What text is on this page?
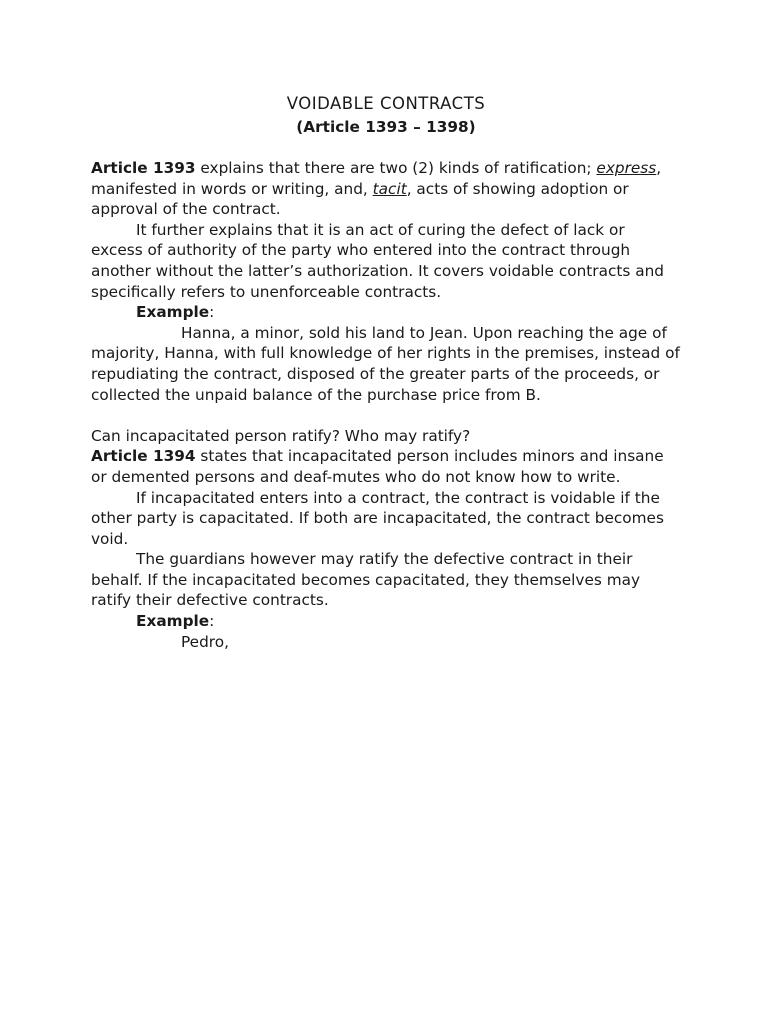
VOIDABLE CONTRACTS

(Article 1393 – 1398)

Article 1393 explains that there are two (2) kinds of ratification; express, manifested in words or writing, and, tacit, acts of showing adoption or approval of the contract.

It further explains that it is an act of curing the defect of lack or excess of authority of the party who entered into the contract through another without the latter’s authorization. It covers voidable contracts and specifically refers to unenforceable contracts.

Example:

Hanna, a minor, sold his land to Jean. Upon reaching the age of majority, Hanna, with full knowledge of her rights in the premises, instead of repudiating the contract, disposed of the greater parts of the proceeds, or collected the unpaid balance of the purchase price from B.

Can incapacitated person ratify? Who may ratify?

Article 1394 states that incapacitated person includes minors and insane or demented persons and deaf-mutes who do not know how to write.

If incapacitated enters into a contract, the contract is voidable if the other party is capacitated. If both are incapacitated, the contract becomes void.

The guardians however may ratify the defective contract in their behalf. If the incapacitated becomes capacitated, they themselves may ratify their defective contracts.

Example:

Pedro,
